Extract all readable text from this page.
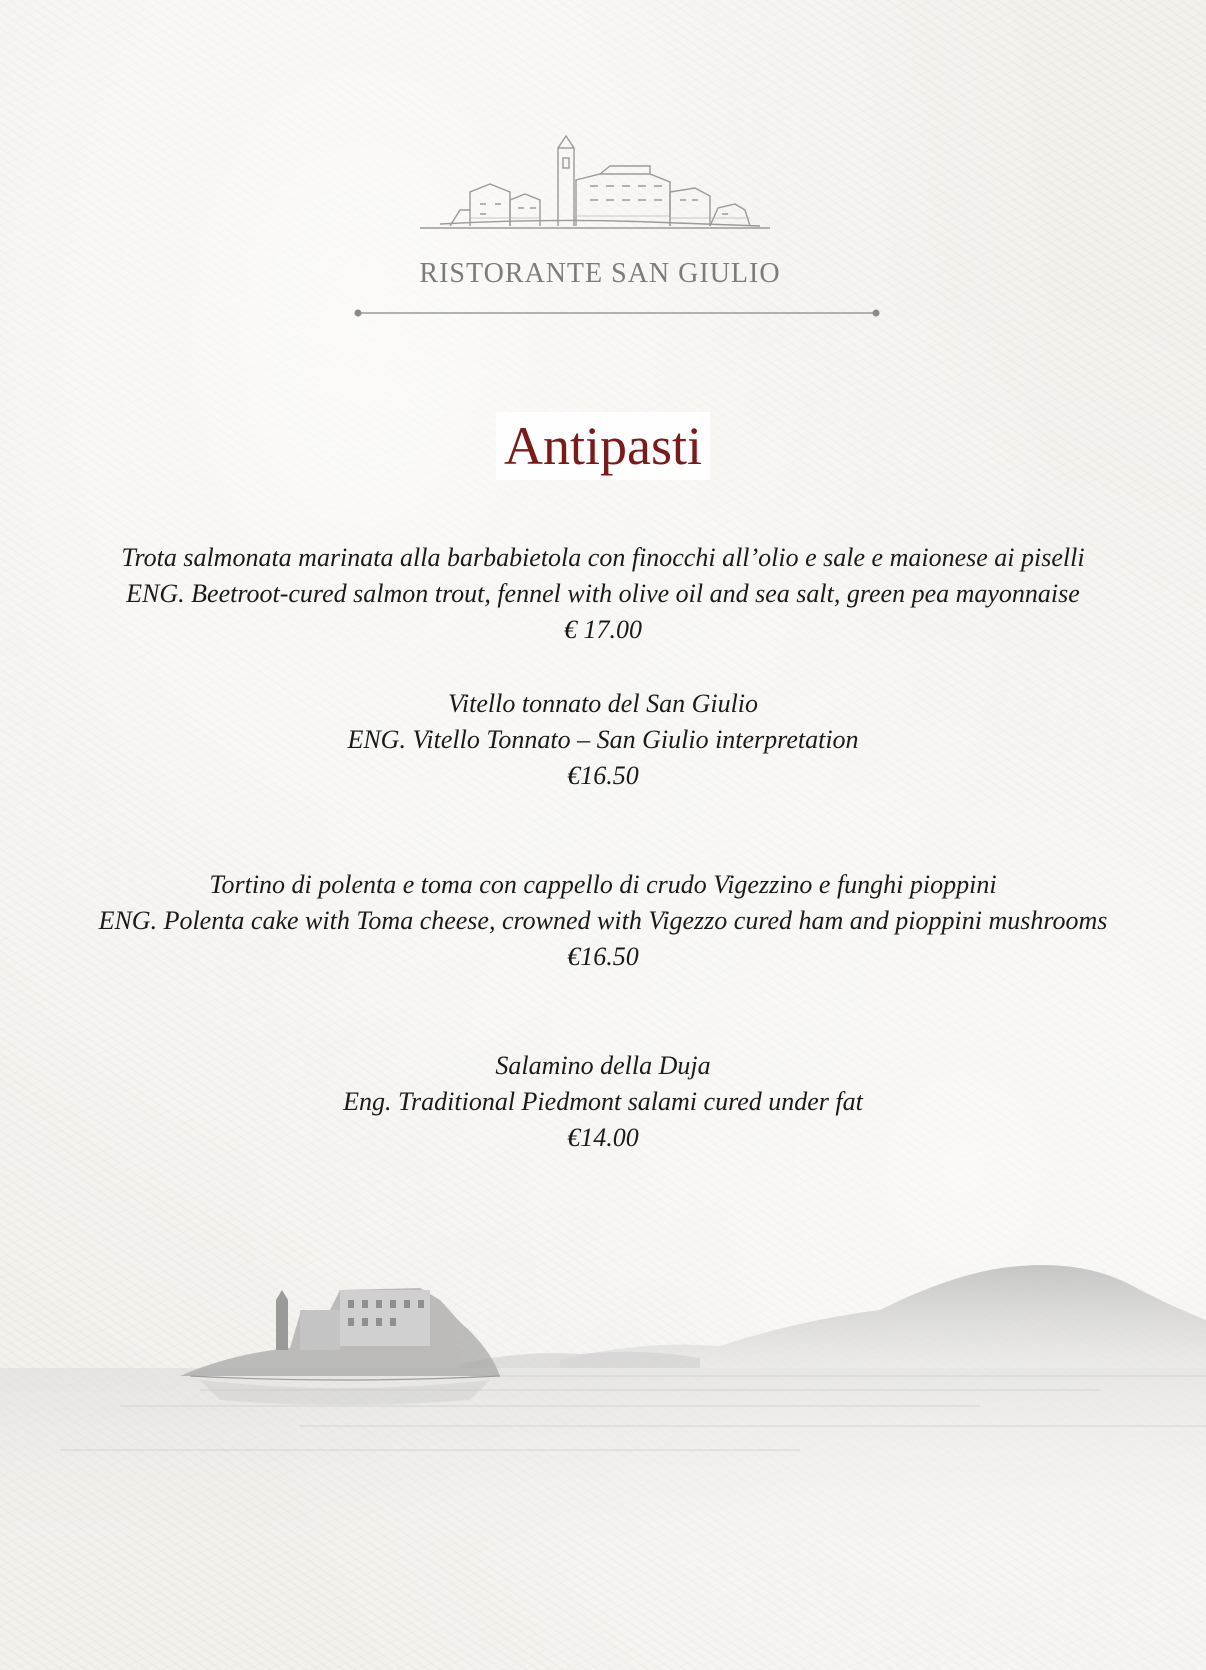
RISTORANTE SAN GIULIO
Antipasti
Trota salmonata marinata alla barbabietola con finocchi all’olio e sale e maionese ai piselli
ENG. Beetroot-cured salmon trout, fennel with olive oil and sea salt, green pea mayonnaise
€ 17.00
Vitello tonnato del San Giulio
ENG. Vitello Tonnato – San Giulio interpretation
€16.50
Tortino di polenta e toma con cappello di crudo Vigezzino e funghi pioppini
ENG. Polenta cake with Toma cheese, crowned with Vigezzo cured ham and pioppini mushrooms
€16.50
Salamino della Duja
Eng. Traditional Piedmont salami cured under fat
€14.00
